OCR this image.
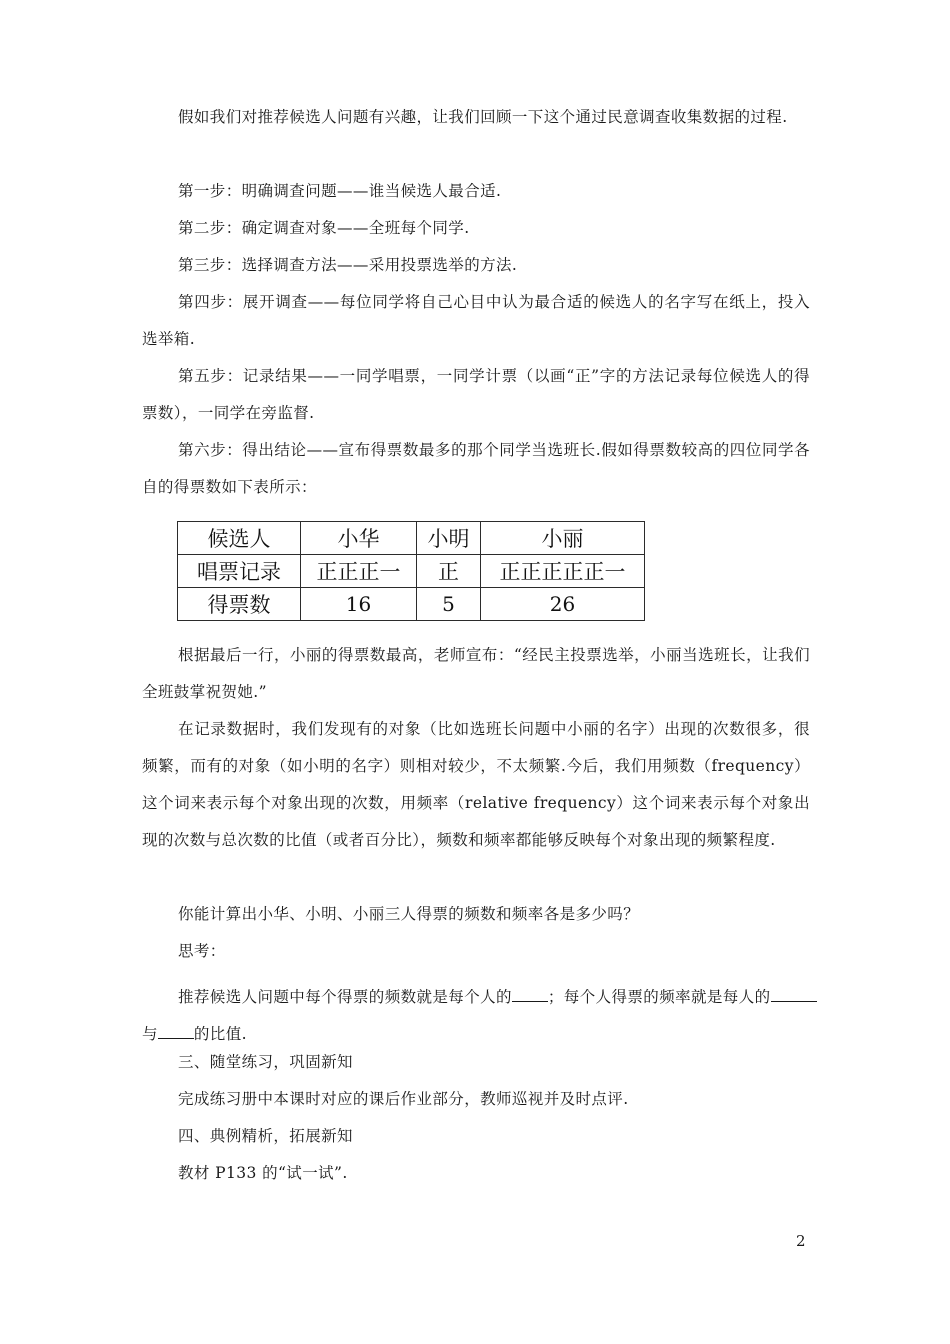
假如我们对推荐候选人问题有兴趣，让我们回顾一下这个通过民意调查收集数据的过程.

第一步：明确调查问题——谁当候选人最合适.

第二步：确定调查对象——全班每个同学.

第三步：选择调查方法——采用投票选举的方法.

第四步：展开调查——每位同学将自己心目中认为最合适的候选人的名字写在纸上，投入选举箱.

第五步：记录结果——一同学唱票，一同学计票（以画“正”字的方法记录每位候选人的得票数），一同学在旁监督.

第六步：得出结论——宣布得票数最多的那个同学当选班长.假如得票数较高的四位同学各自的得票数如下表所示：

候选人	小华	小明	小丽
唱票记录	正正正一	正	正正正正正一
得票数	16	5	26

根据最后一行，小丽的得票数最高，老师宣布：“经民主投票选举，小丽当选班长，让我们全班鼓掌祝贺她.”

在记录数据时，我们发现有的对象（比如选班长问题中小丽的名字）出现的次数很多，很频繁，而有的对象（如小明的名字）则相对较少，不太频繁.今后，我们用频数（frequency）这个词来表示每个对象出现的次数，用频率（relative frequency）这个词来表示每个对象出现的次数与总次数的比值（或者百分比），频数和频率都能够反映每个对象出现的频繁程度.

你能计算出小华、小明、小丽三人得票的频数和频率各是多少吗？

思考：

推荐候选人问题中每个得票的频数就是每个人的 ；每个人得票的频率就是每人的
与 的比值.

三、随堂练习，巩固新知

完成练习册中本课时对应的课后作业部分，教师巡视并及时点评.

四、典例精析，拓展新知

教材 P133 的“试一试”.

2
